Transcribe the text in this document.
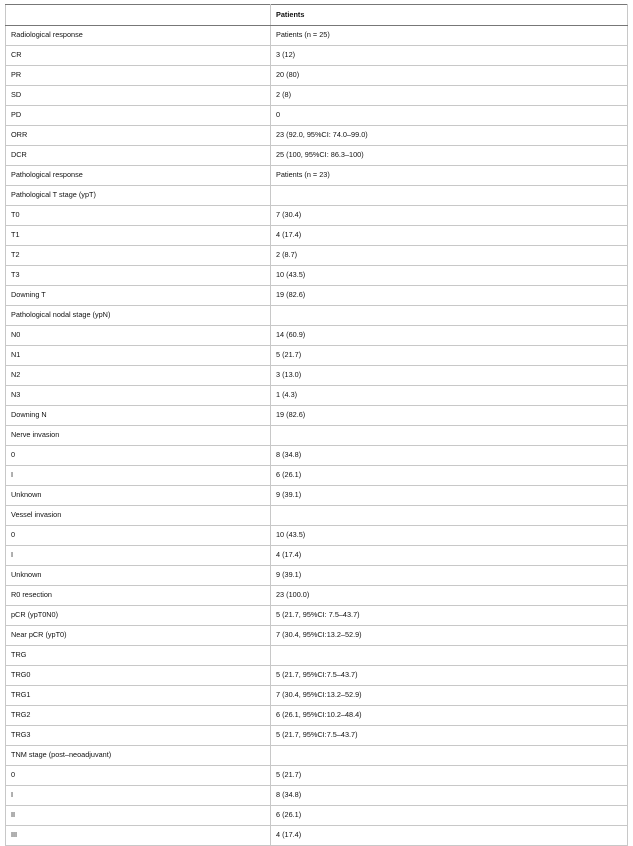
	Patients
Radiological response	Patients (n = 25)
CR	3 (12)
PR	20 (80)
SD	2 (8)
PD	0
ORR	23 (92.0, 95%CI: 74.0–99.0)
DCR	25 (100, 95%CI: 86.3–100)
Pathological response	Patients (n = 23)
Pathological T stage (ypT)	
T0	7 (30.4)
T1	4 (17.4)
T2	2 (8.7)
T3	10 (43.5)
Downing T	19 (82.6)
Pathological nodal stage (ypN)	
N0	14 (60.9)
N1	5 (21.7)
N2	3 (13.0)
N3	1 (4.3)
Downing N	19 (82.6)
Nerve invasion	
0	8 (34.8)
I	6 (26.1)
Unknown	9 (39.1)
Vessel invasion	
0	10 (43.5)
I	4 (17.4)
Unknown	9 (39.1)
R0 resection	23 (100.0)
pCR (ypT0N0)	5 (21.7, 95%CI: 7.5–43.7)
Near pCR (ypT0)	7 (30.4, 95%CI:13.2–52.9)
TRG	
TRG0	5 (21.7, 95%CI:7.5–43.7)
TRG1	7 (30.4, 95%CI:13.2–52.9)
TRG2	6 (26.1, 95%CI:10.2–48.4)
TRG3	5 (21.7, 95%CI:7.5–43.7)
TNM stage (post–neoadjuvant)	
0	5 (21.7)
I	8 (34.8)
II	6 (26.1)
III	4 (17.4)
